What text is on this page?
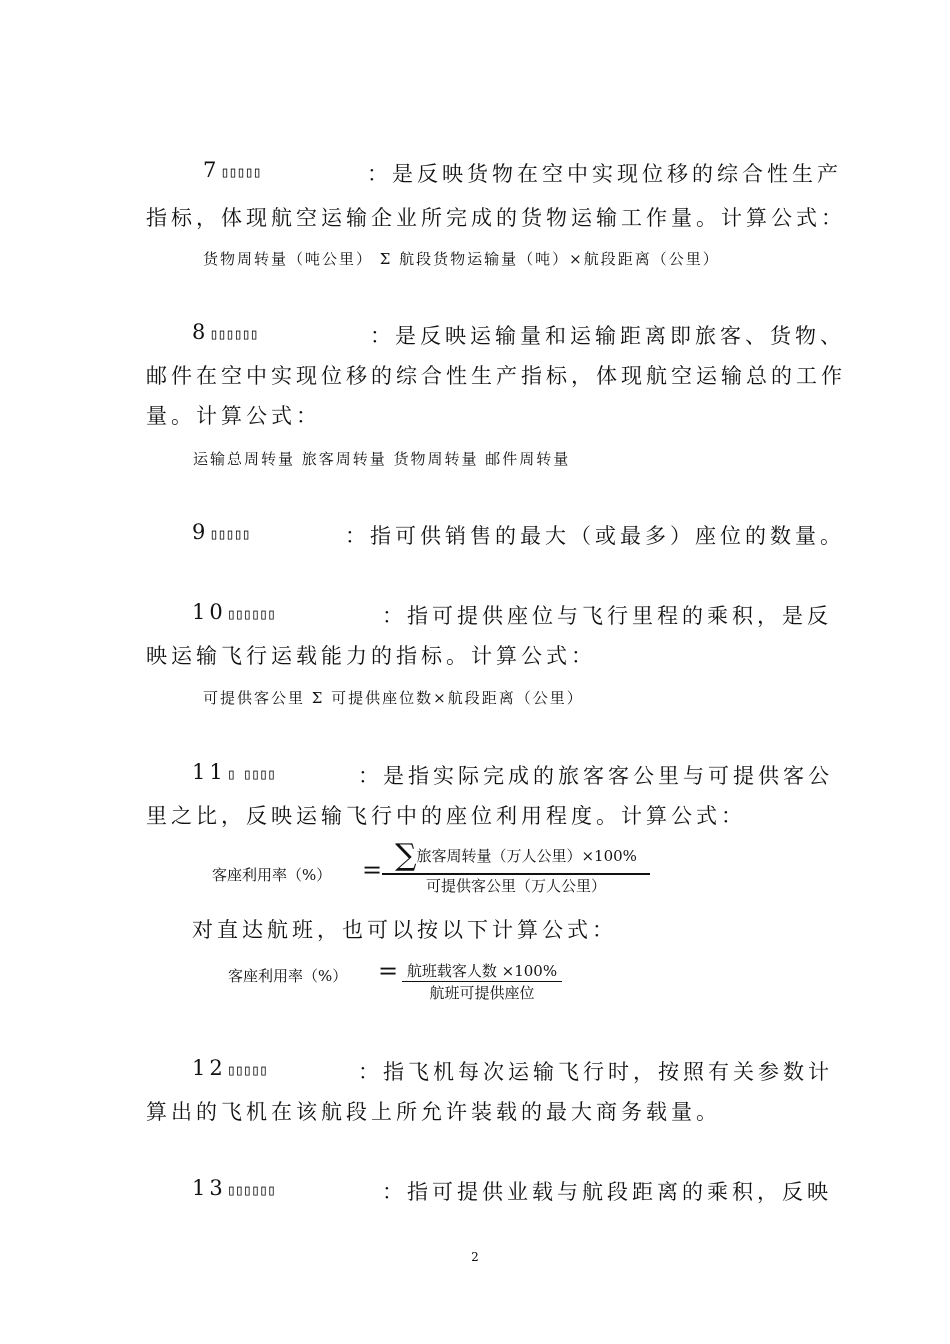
7▯▯▯▯▯	：是反映货物在空中实现位移的综合性生产
指标，体现航空运输企业所完成的货物运输工作量。计算公式：
货物周转量（吨公里） Σ 航段货物运输量（吨）×航段距离（公里）
8▯▯▯▯▯▯	：是反映运输量和运输距离即旅客、货物、
邮件在空中实现位移的综合性生产指标，体现航空运输总的工作
量。计算公式：
运输总周转量 旅客周转量 货物周转量 邮件周转量
9▯▯▯▯▯	：指可供销售的最大（或最多）座位的数量。
10▯▯▯▯▯▯	：指可提供座位与飞行里程的乘积，是反
映运输飞行运载能力的指标。计算公式：
可提供客公里 Σ 可提供座位数×航段距离（公里）
11▯ ▯▯▯▯	：是指实际完成的旅客客公里与可提供客公
里之比，反映运输飞行中的座位利用程度。计算公式：
客座利用率（%） = ∑旅客周转量（万人公里）×100%
可提供客公里（万人公里）
对直达航班，也可以按以下计算公式：
客座利用率（%） = 航班载客人数 ×100%
航班可提供座位
12▯▯▯▯▯	：指飞机每次运输飞行时，按照有关参数计
算出的飞机在该航段上所允许装载的最大商务载量。
13▯▯▯▯▯▯	：指可提供业载与航段距离的乘积，反映
2
